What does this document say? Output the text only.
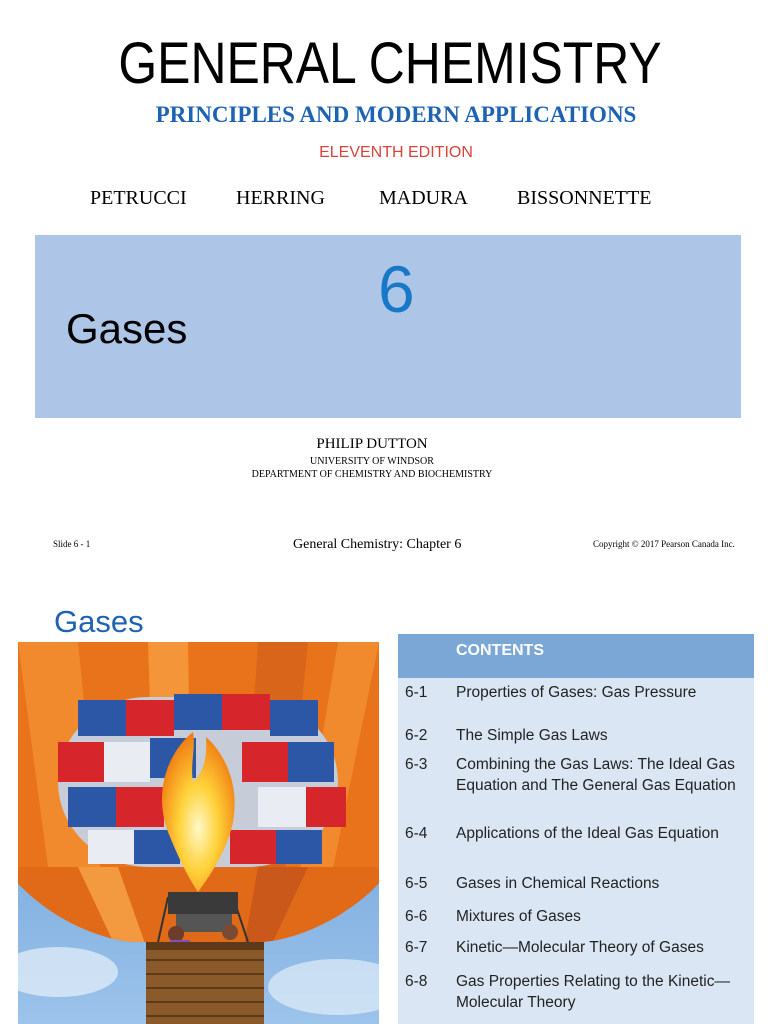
GENERAL CHEMISTRY
PRINCIPLES AND MODERN APPLICATIONS
ELEVENTH EDITION
PETRUCCI HERRING	MADURA BISSONNETTE
6
Gases
PHILIP DUTTON
UNIVERSITY OF WINDSOR
DEPARTMENT OF CHEMISTRY AND BIOCHEMISTRY
Slide 6 - 1	General Chemistry: Chapter 6	Copyright © 2017 Pearson Canada Inc.
Gases
CONTENTS
6-1 Properties of Gases: Gas Pressure
6-2 The Simple Gas Laws
6-3 Combining the Gas Laws: The Ideal Gas Equation and The General Gas Equation
6-4 Applications of the Ideal Gas Equation
6-5 Gases in Chemical Reactions
6-6 Mixtures of Gases
6-7 Kinetic—Molecular Theory of Gases
6-8 Gas Properties Relating to the Kinetic—Molecular Theory
